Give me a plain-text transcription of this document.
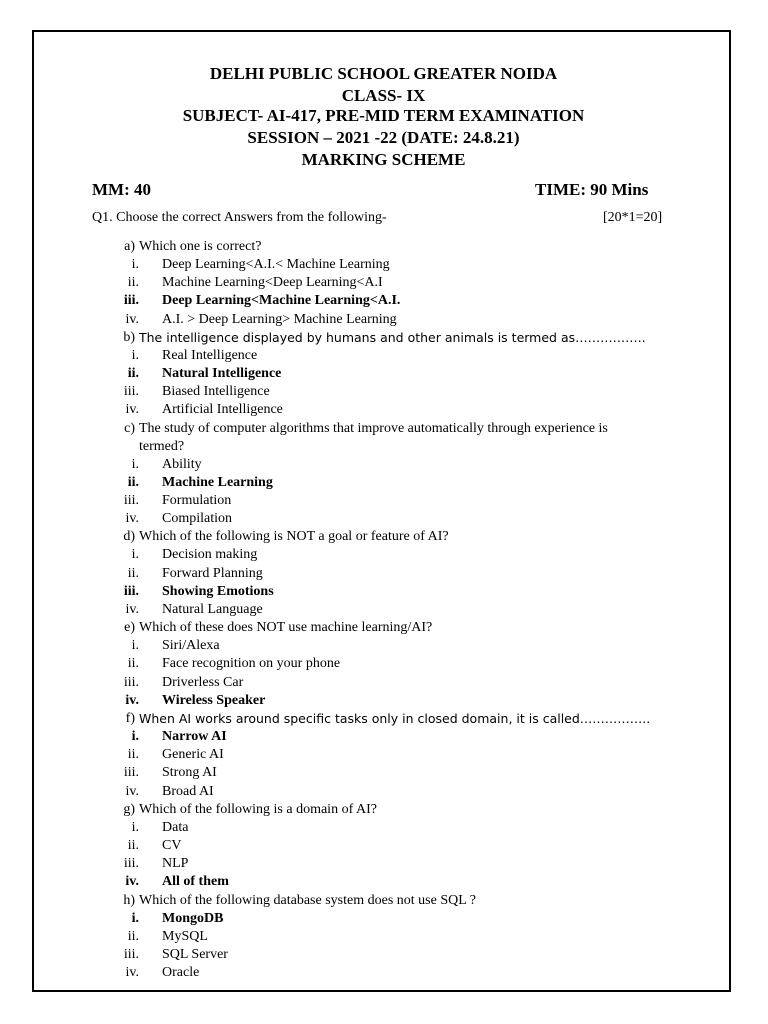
DELHI PUBLIC SCHOOL GREATER NOIDA
CLASS- IX
SUBJECT- AI-417, PRE-MID TERM EXAMINATION
SESSION – 2021 -22 (DATE: 24.8.21)
MARKING SCHEME
MM: 40	TIME: 90 Mins
Q1. Choose the correct Answers from the following-	[20*1=20]
a) Which one is correct?
i.	Deep Learning<A.I.< Machine Learning
ii.	Machine Learning<Deep Learning<A.I
iii.	Deep Learning<Machine Learning<A.I.
iv.	A.I. > Deep Learning> Machine Learning
b) The intelligence displayed by humans and other animals is termed as……………..
i.	Real Intelligence
ii.	Natural Intelligence
iii.	Biased Intelligence
iv.	Artificial Intelligence
c) The study of computer algorithms that improve automatically through experience is
termed?
i.	Ability
ii.	Machine Learning
iii.	Formulation
iv.	Compilation
d) Which of the following is NOT a goal or feature of AI?
i.	Decision making
ii.	Forward Planning
iii.	Showing Emotions
iv.	Natural Language
e) Which of these does NOT use machine learning/AI?
i.	Siri/Alexa
ii.	Face recognition on your phone
iii.	Driverless Car
iv.	Wireless Speaker
f) When AI works around specific tasks only in closed domain, it is called……………..
i.	Narrow AI
ii.	Generic AI
iii.	Strong AI
iv.	Broad AI
g) Which of the following is a domain of AI?
i.	Data
ii.	CV
iii.	NLP
iv.	All of them
h) Which of the following database system does not use SQL ?
i.	MongoDB
ii.	MySQL
iii.	SQL Server
iv.	Oracle
